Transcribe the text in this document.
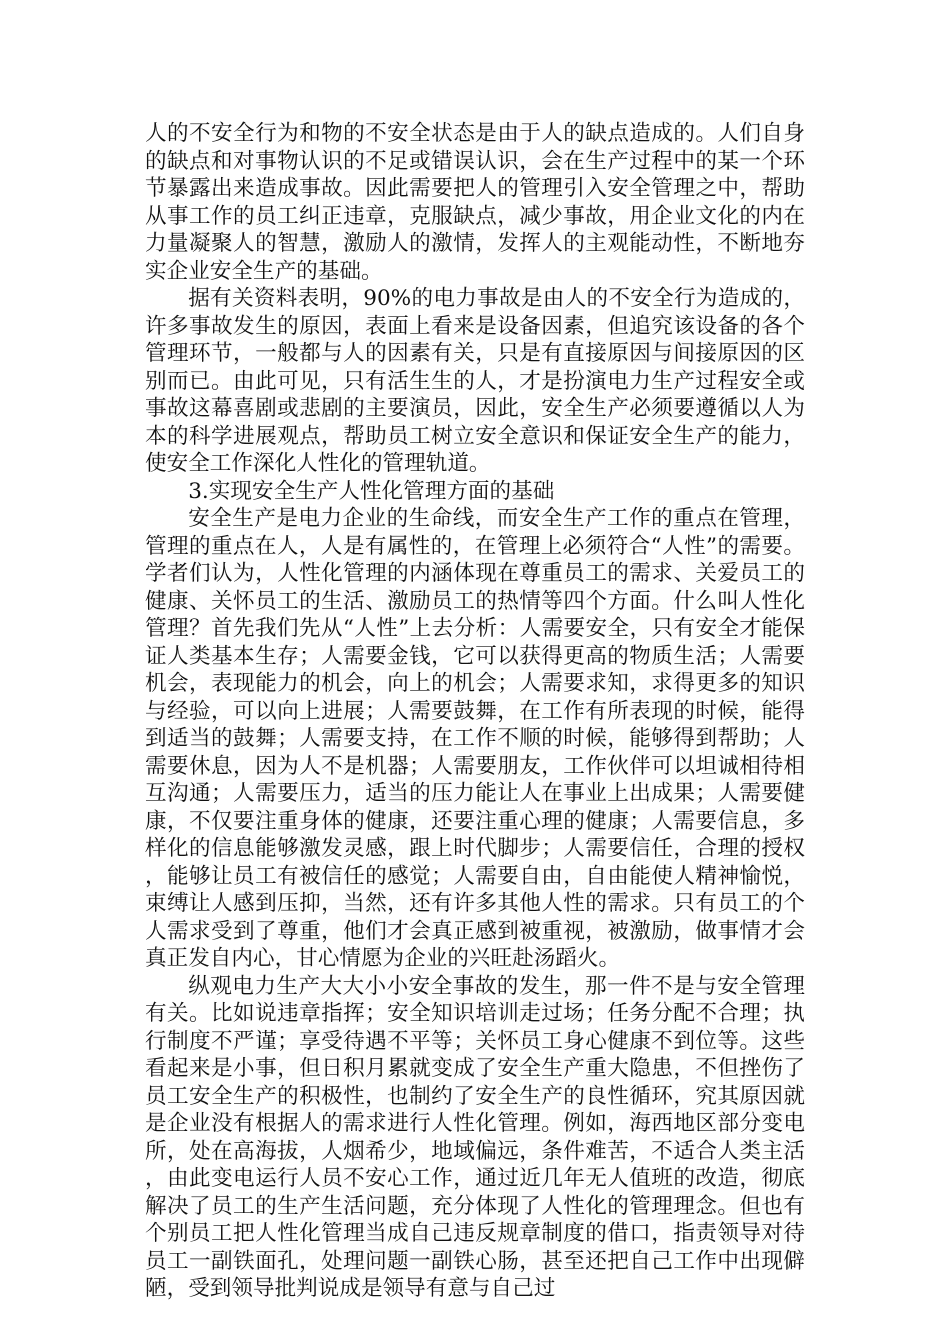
人的不安全行为和物的不安全状态是由于人的缺点造成的。人们自身的缺点和对事物认识的不足或错误认识，会在生产过程中的某一个环节暴露出来造成事故。因此需要把人的管理引入安全管理之中，帮助从事工作的员工纠正违章，克服缺点，减少事故，用企业文化的内在力量凝聚人的智慧，激励人的激情，发挥人的主观能动性，不断地夯实企业安全生产的基础。

据有关资料表明，90%的电力事故是由人的不安全行为造成的，许多事故发生的原因，表面上看来是设备因素，但追究该设备的各个管理环节，一般都与人的因素有关，只是有直接原因与间接原因的区别而已。由此可见，只有活生生的人，才是扮演电力生产过程安全或事故这幕喜剧或悲剧的主要演员，因此，安全生产必须要遵循以人为本的科学进展观点，帮助员工树立安全意识和保证安全生产的能力，使安全工作深化人性化的管理轨道。

3.实现安全生产人性化管理方面的基础

安全生产是电力企业的生命线，而安全生产工作的重点在管理，管理的重点在人，人是有属性的，在管理上必须符合“人性”的需要。学者们认为，人性化管理的内涵体现在尊重员工的需求、关爱员工的健康、关怀员工的生活、激励员工的热情等四个方面。什么叫人性化管理？首先我们先从“人性”上去分析：人需要安全，只有安全才能保证人类基本生存；人需要金钱，它可以获得更高的物质生活；人需要机会，表现能力的机会，向上的机会；人需要求知，求得更多的知识与经验，可以向上进展；人需要鼓舞，在工作有所表现的时候，能得到适当的鼓舞；人需要支持，在工作不顺的时候，能够得到帮助；人需要休息，因为人不是机器；人需要朋友，工作伙伴可以坦诚相待相互沟通；人需要压力，适当的压力能让人在事业上出成果；人需要健康，不仅要注重身体的健康，还要注重心理的健康；人需要信息，多样化的信息能够激发灵感，跟上时代脚步；人需要信任，合理的授权，能够让员工有被信任的感觉；人需要自由，自由能使人精神愉悦，束缚让人感到压抑，当然，还有许多其他人性的需求。只有员工的个人需求受到了尊重，他们才会真正感到被重视，被激励，做事情才会真正发自内心，甘心情愿为企业的兴旺赴汤蹈火。

纵观电力生产大大小小安全事故的发生，那一件不是与安全管理有关。比如说违章指挥；安全知识培训走过场；任务分配不合理；执行制度不严谨；享受待遇不平等；关怀员工身心健康不到位等。这些看起来是小事，但日积月累就变成了安全生产重大隐患，不但挫伤了员工安全生产的积极性，也制约了安全生产的良性循环，究其原因就是企业没有根据人的需求进行人性化管理。例如，海西地区部分变电所，处在高海拔，人烟希少，地域偏远，条件难苦，不适合人类主活，由此变电运行人员不安心工作，通过近几年无人值班的改造，彻底解决了员工的生产生活问题，充分体现了人性化的管理理念。但也有个别员工把人性化管理当成自己违反规章制度的借口，指责领导对待员工一副铁面孔，处理问题一副铁心肠，甚至还把自己工作中出现僻陋，受到领导批判说成是领导有意与自己过
